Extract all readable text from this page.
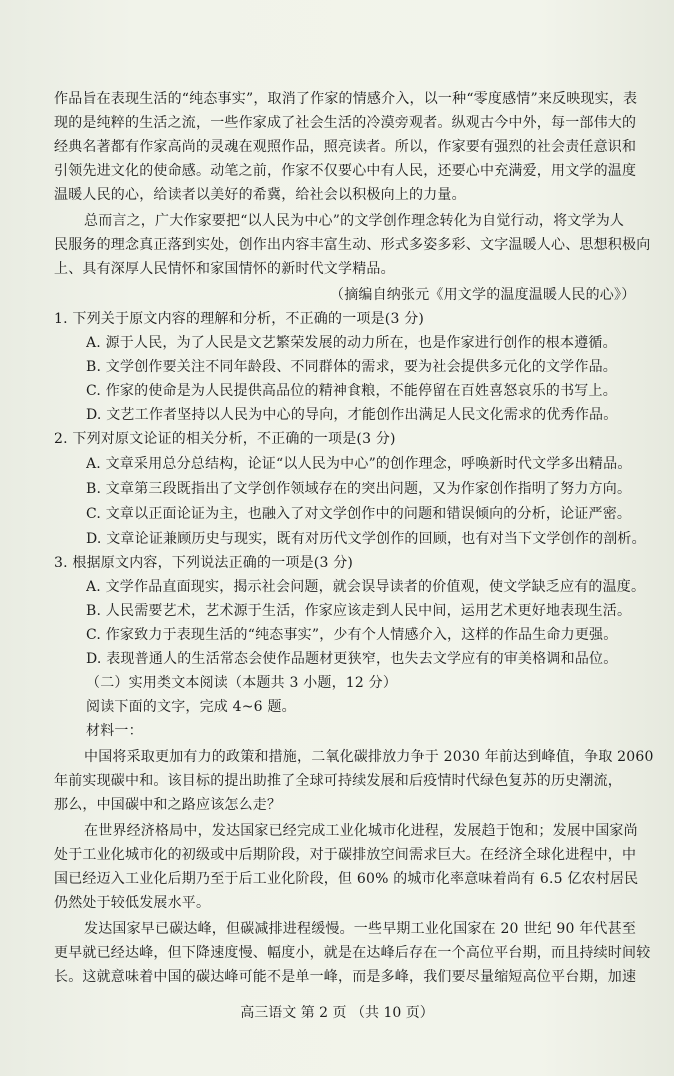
作品旨在表现生活的“纯态事实”，取消了作家的情感介入，以一种“零度感情”来反映现实，表
现的是纯粹的生活之流，一些作家成了社会生活的冷漠旁观者。纵观古今中外，每一部伟大的
经典名著都有作家高尚的灵魂在观照作品，照亮读者。所以，作家要有强烈的社会责任意识和
引领先进文化的使命感。动笔之前，作家不仅要心中有人民，还要心中充满爱，用文学的温度
温暖人民的心，给读者以美好的希冀，给社会以积极向上的力量。
总而言之，广大作家要把“以人民为中心”的文学创作理念转化为自觉行动，将文学为人
民服务的理念真正落到实处，创作出内容丰富生动、形式多姿多彩、文字温暖人心、思想积极向
上、具有深厚人民情怀和家国情怀的新时代文学精品。
（摘编自纳张元《用文学的温度温暖人民的心》）
1. 下列关于原文内容的理解和分析，不正确的一项是(3 分)
A. 源于人民，为了人民是文艺繁荣发展的动力所在，也是作家进行创作的根本遵循。
B. 文学创作要关注不同年龄段、不同群体的需求，要为社会提供多元化的文学作品。
C. 作家的使命是为人民提供高品位的精神食粮，不能停留在百姓喜怒哀乐的书写上。
D. 文艺工作者坚持以人民为中心的导向，才能创作出满足人民文化需求的优秀作品。
2. 下列对原文论证的相关分析，不正确的一项是(3 分)
A. 文章采用总分总结构，论证“以人民为中心”的创作理念，呼唤新时代文学多出精品。
B. 文章第三段既指出了文学创作领域存在的突出问题，又为作家创作指明了努力方向。
C. 文章以正面论证为主，也融入了对文学创作中的问题和错误倾向的分析，论证严密。
D. 文章论证兼顾历史与现实，既有对历代文学创作的回顾，也有对当下文学创作的剖析。
3. 根据原文内容，下列说法正确的一项是(3 分)
A. 文学作品直面现实，揭示社会问题，就会误导读者的价值观，使文学缺乏应有的温度。
B. 人民需要艺术，艺术源于生活，作家应该走到人民中间，运用艺术更好地表现生活。
C. 作家致力于表现生活的“纯态事实”，少有个人情感介入，这样的作品生命力更强。
D. 表现普通人的生活常态会使作品题材更狭窄，也失去文学应有的审美格调和品位。
（二）实用类文本阅读（本题共 3 小题，12 分）
阅读下面的文字，完成 4~6 题。
材料一：
中国将采取更加有力的政策和措施，二氧化碳排放力争于 2030 年前达到峰值，争取 2060
年前实现碳中和。该目标的提出助推了全球可持续发展和后疫情时代绿色复苏的历史潮流，
那么，中国碳中和之路应该怎么走？
在世界经济格局中，发达国家已经完成工业化城市化进程，发展趋于饱和；发展中国家尚
处于工业化城市化的初级或中后期阶段，对于碳排放空间需求巨大。在经济全球化进程中，中
国已经迈入工业化后期乃至于后工业化阶段，但 60% 的城市化率意味着尚有 6.5 亿农村居民
仍然处于较低发展水平。
发达国家早已碳达峰，但碳减排进程缓慢。一些早期工业化国家在 20 世纪 90 年代甚至
更早就已经达峰，但下降速度慢、幅度小，就是在达峰后存在一个高位平台期，而且持续时间较
长。这就意味着中国的碳达峰可能不是单一峰，而是多峰，我们要尽量缩短高位平台期，加速
高三语文 第 2 页 （共 10 页）
